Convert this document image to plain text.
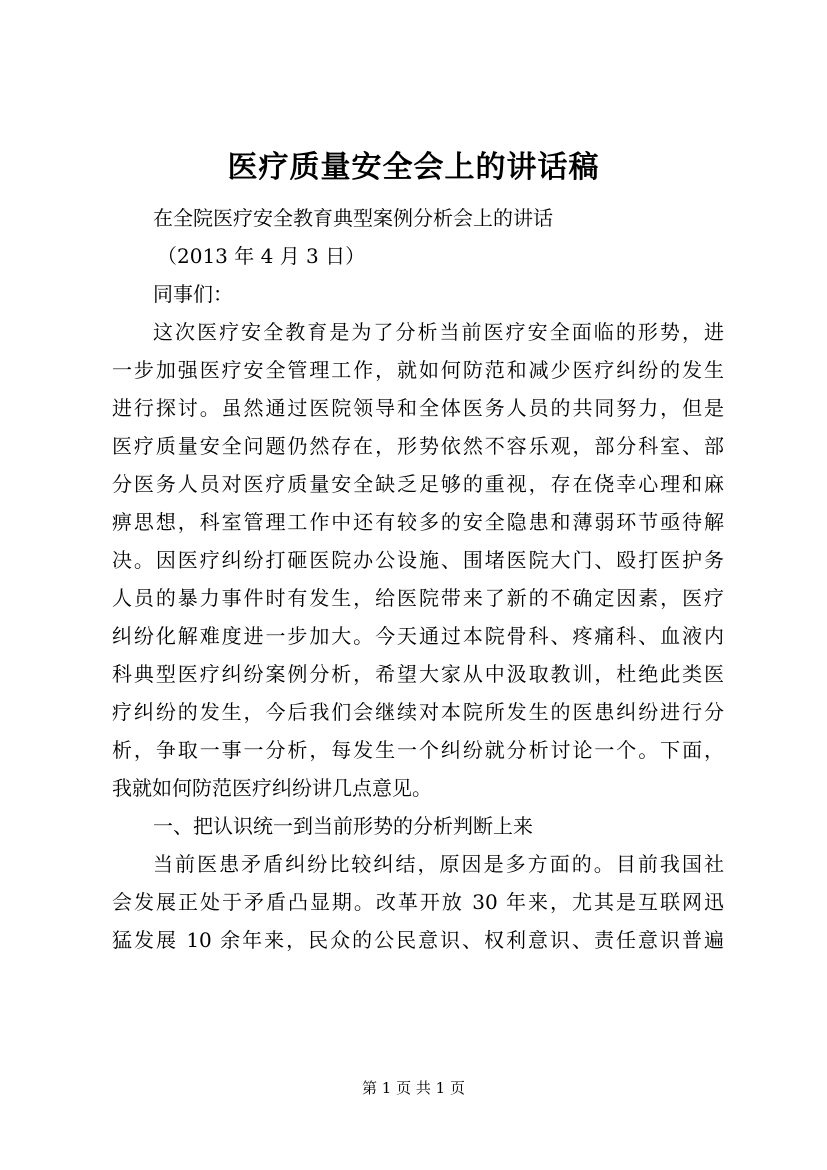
医疗质量安全会上的讲话稿
在全院医疗安全教育典型案例分析会上的讲话
（2013 年 4 月 3 日）
同事们：
这次医疗安全教育是为了分析当前医疗安全面临的形势，进
一步加强医疗安全管理工作，就如何防范和减少医疗纠纷的发生
进行探讨。虽然通过医院领导和全体医务人员的共同努力，但是
医疗质量安全问题仍然存在，形势依然不容乐观，部分科室、部
分医务人员对医疗质量安全缺乏足够的重视，存在侥幸心理和麻
痹思想，科室管理工作中还有较多的安全隐患和薄弱环节亟待解
决。因医疗纠纷打砸医院办公设施、围堵医院大门、殴打医护务
人员的暴力事件时有发生，给医院带来了新的不确定因素，医疗
纠纷化解难度进一步加大。今天通过本院骨科、疼痛科、血液内
科典型医疗纠纷案例分析，希望大家从中汲取教训，杜绝此类医
疗纠纷的发生，今后我们会继续对本院所发生的医患纠纷进行分
析，争取一事一分析，每发生一个纠纷就分析讨论一个。下面，
我就如何防范医疗纠纷讲几点意见。
一、把认识统一到当前形势的分析判断上来
当前医患矛盾纠纷比较纠结，原因是多方面的。目前我国社
会发展正处于矛盾凸显期。改革开放 30 年来，尤其是互联网迅
猛发展 10 余年来，民众的公民意识、权利意识、责任意识普遍
第 1 页 共 1 页
